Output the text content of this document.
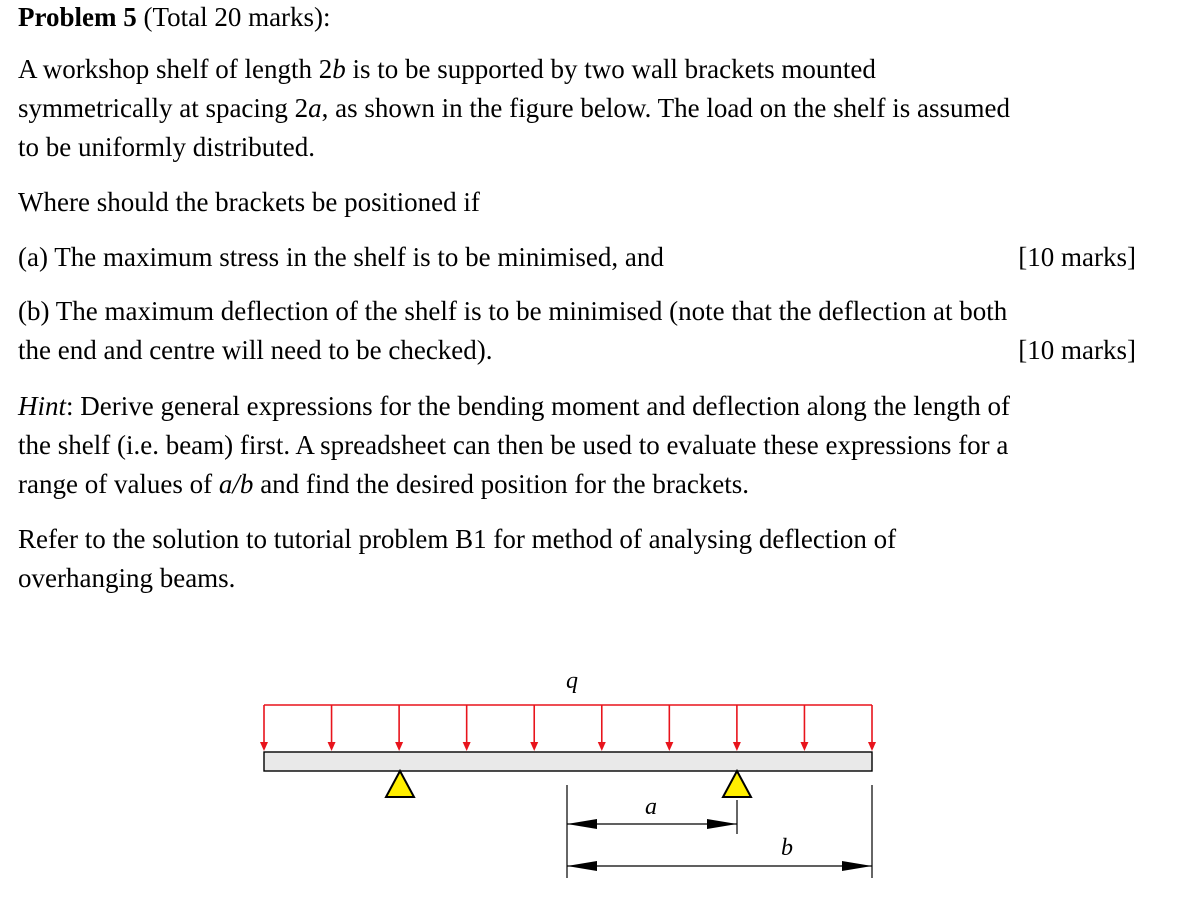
Problem 5 (Total 20 marks):
A workshop shelf of length 2b is to be supported by two wall brackets mounted
symmetrically at spacing 2a, as shown in the figure below. The load on the shelf is assumed
to be uniformly distributed.
Where should the brackets be positioned if
(a) The maximum stress in the shelf is to be minimised, and	[10 marks]
(b) The maximum deflection of the shelf is to be minimised (note that the deflection at both
the end and centre will need to be checked).	[10 marks]
Hint: Derive general expressions for the bending moment and deflection along the length of
the shelf (i.e. beam) first. A spreadsheet can then be used to evaluate these expressions for a
range of values of a/b and find the desired position for the brackets.
Refer to the solution to tutorial problem B1 for method of analysing deflection of
overhanging beams.
q
a
b
